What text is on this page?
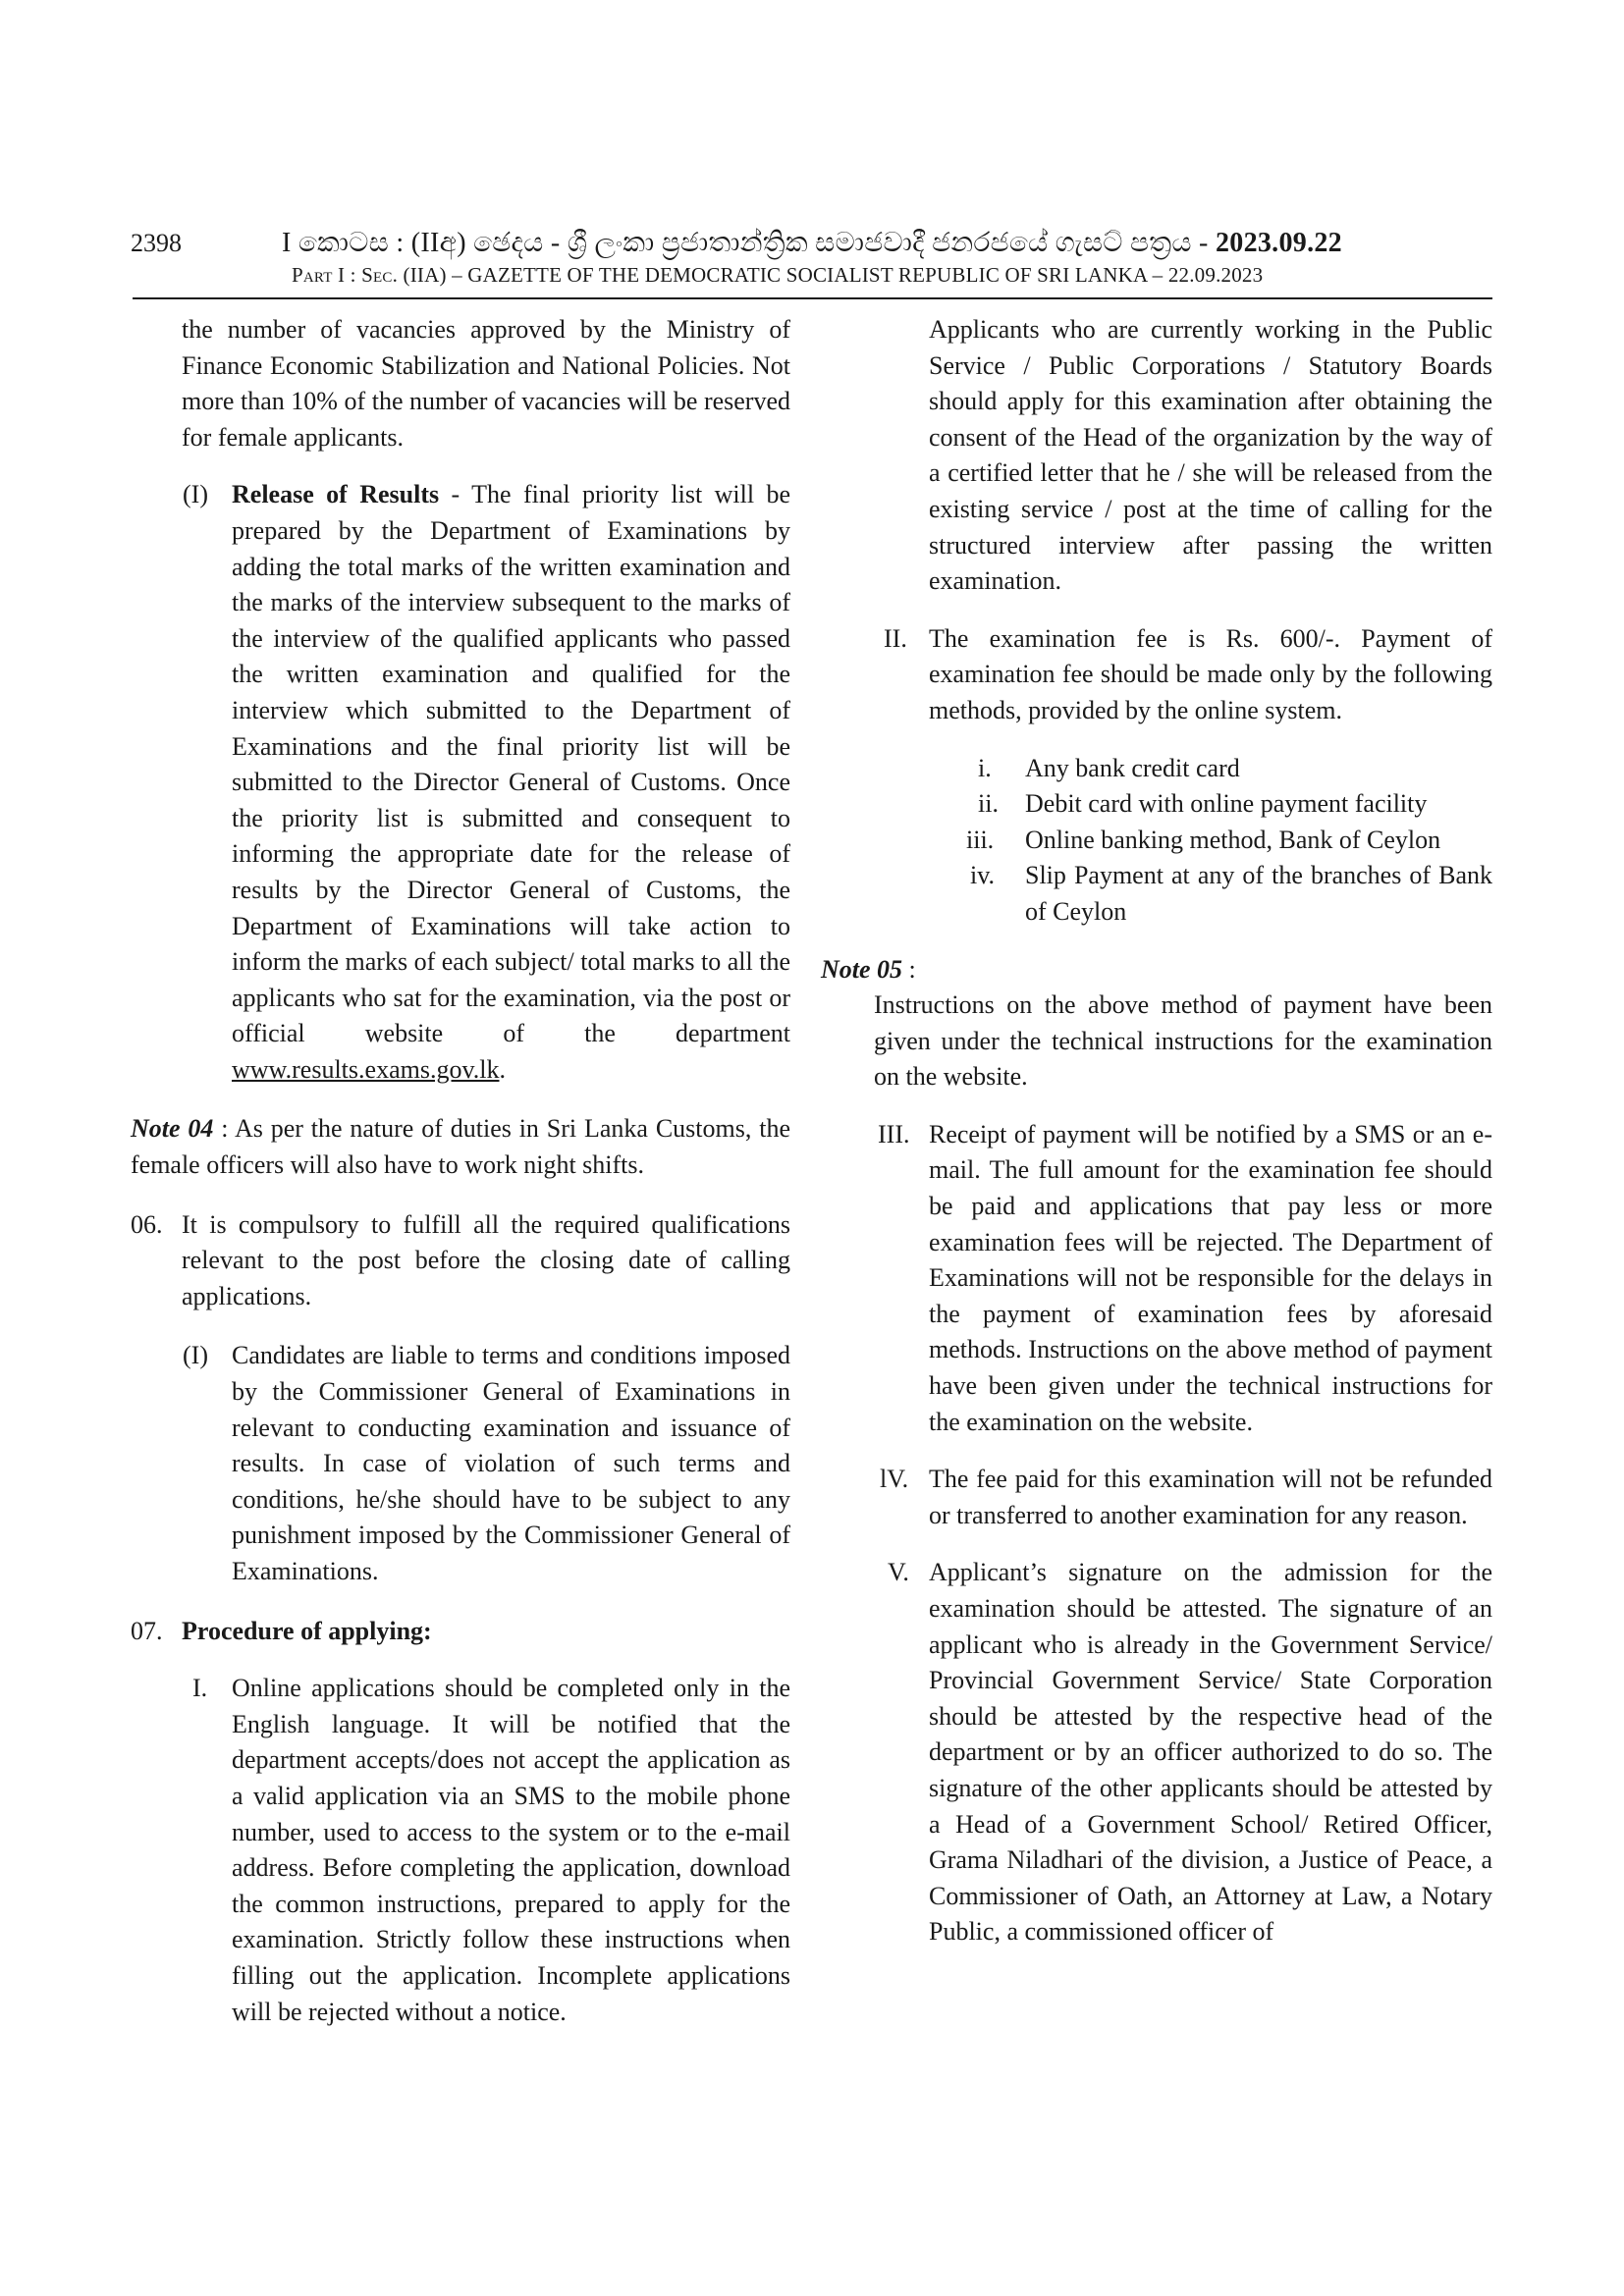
2398	I කොටස : (IIඅ) ඡෙදය - ශ්‍රී ලංකා ප්‍රජාතාන්ත්‍රික සමාජවාදී ජනරජයේ ගැසට් පත්‍රය - 2023.09.22
Part I : Sec. (IIA) – GAZETTE OF THE DEMOCRATIC SOCIALIST REPUBLIC OF SRI LANKA – 22.09.2023

the number of vacancies approved by the Ministry of Finance Economic Stabilization and National Policies. Not more than 10% of the number of vacancies will be reserved for female applicants.

(I) Release of Results - The final priority list will be prepared by the Department of Examinations by adding the total marks of the written examination and the marks of the interview subsequent to the marks of the interview of the qualified applicants who passed the written examination and qualified for the interview which submitted to the Department of Examinations and the final priority list will be submitted to the Director General of Customs. Once the priority list is submitted and consequent to informing the appropriate date for the release of results by the Director General of Customs, the Department of Examinations will take action to inform the marks of each subject/ total marks to all the applicants who sat for the examination, via the post or official website of the department www.results.exams.gov.lk.

Note 04 : As per the nature of duties in Sri Lanka Customs, the female officers will also have to work night shifts.

06. It is compulsory to fulfill all the required qualifications relevant to the post before the closing date of calling applications.

(I) Candidates are liable to terms and conditions imposed by the Commissioner General of Examinations in relevant to conducting examination and issuance of results. In case of violation of such terms and conditions, he/she should have to be subject to any punishment imposed by the Commissioner General of Examinations.

07. Procedure of applying:

I. Online applications should be completed only in the English language. It will be notified that the department accepts/does not accept the application as a valid application via an SMS to the mobile phone number, used to access to the system or to the e-mail address. Before completing the application, download the common instructions, prepared to apply for the examination. Strictly follow these instructions when filling out the application. Incomplete applications will be rejected without a notice.

Applicants who are currently working in the Public Service / Public Corporations / Statutory Boards should apply for this examination after obtaining the consent of the Head of the organization by the way of a certified letter that he / she will be released from the existing service / post at the time of calling for the structured interview after passing the written examination.

II. The examination fee is Rs. 600/-. Payment of examination fee should be made only by the following methods, provided by the online system.

i. Any bank credit card

ii. Debit card with online payment facility

iii. Online banking method, Bank of Ceylon

iv. Slip Payment at any of the branches of Bank of Ceylon

Note 05 :

Instructions on the above method of payment have been given under the technical instructions for the examination on the website.

III. Receipt of payment will be notified by a SMS or an e-mail. The full amount for the examination fee should be paid and applications that pay less or more examination fees will be rejected. The Department of Examinations will not be responsible for the delays in the payment of examination fees by aforesaid methods. Instructions on the above method of payment have been given under the technical instructions for the examination on the website.

lV. The fee paid for this examination will not be refunded or transferred to another examination for any reason.

V. Applicant’s signature on the admission for the examination should be attested. The signature of an applicant who is already in the Government Service/ Provincial Government Service/ State Corporation should be attested by the respective head of the department or by an officer authorized to do so. The signature of the other applicants should be attested by a Head of a Government School/ Retired Officer, Grama Niladhari of the division, a Justice of Peace, a Commissioner of Oath, an Attorney at Law, a Notary Public, a commissioned officer of
